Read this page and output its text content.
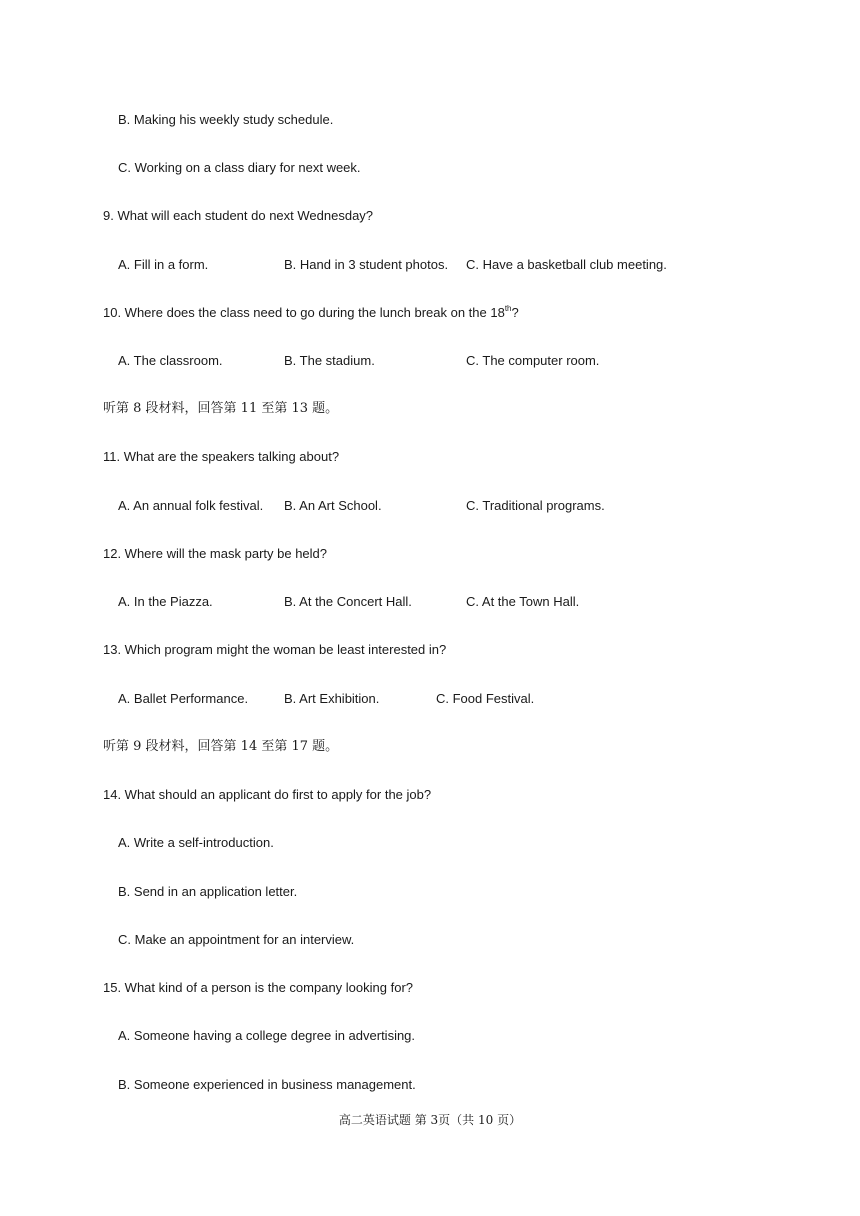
B. Making his weekly study schedule.
C. Working on a class diary for next week.
9. What will each student do next Wednesday?
A. Fill in a form.	B. Hand in 3 student photos. C. Have a basketball club meeting.
10. Where does the class need to go during the lunch break on the 18th?
A. The classroom.	B. The stadium.	C. The computer room.
听第 8 段材料，回答第 11 至第 13 题。
11. What are the speakers talking about?
A. An annual folk festival. B. An Art School.	C. Traditional programs.
12. Where will the mask party be held?
A. In the Piazza.	B. At the Concert Hall.	C. At the Town Hall.
13. Which program might the woman be least interested in?
A. Ballet Performance.	B. Art Exhibition.	C. Food Festival.
听第 9 段材料，回答第 14 至第 17 题。
14. What should an applicant do first to apply for the job?
A. Write a self-introduction.
B. Send in an application letter.
C. Make an appointment for an interview.
15. What kind of a person is the company looking for?
A. Someone having a college degree in advertising.
B. Someone experienced in business management.
高二英语试题 第 3页（共 10 页）
